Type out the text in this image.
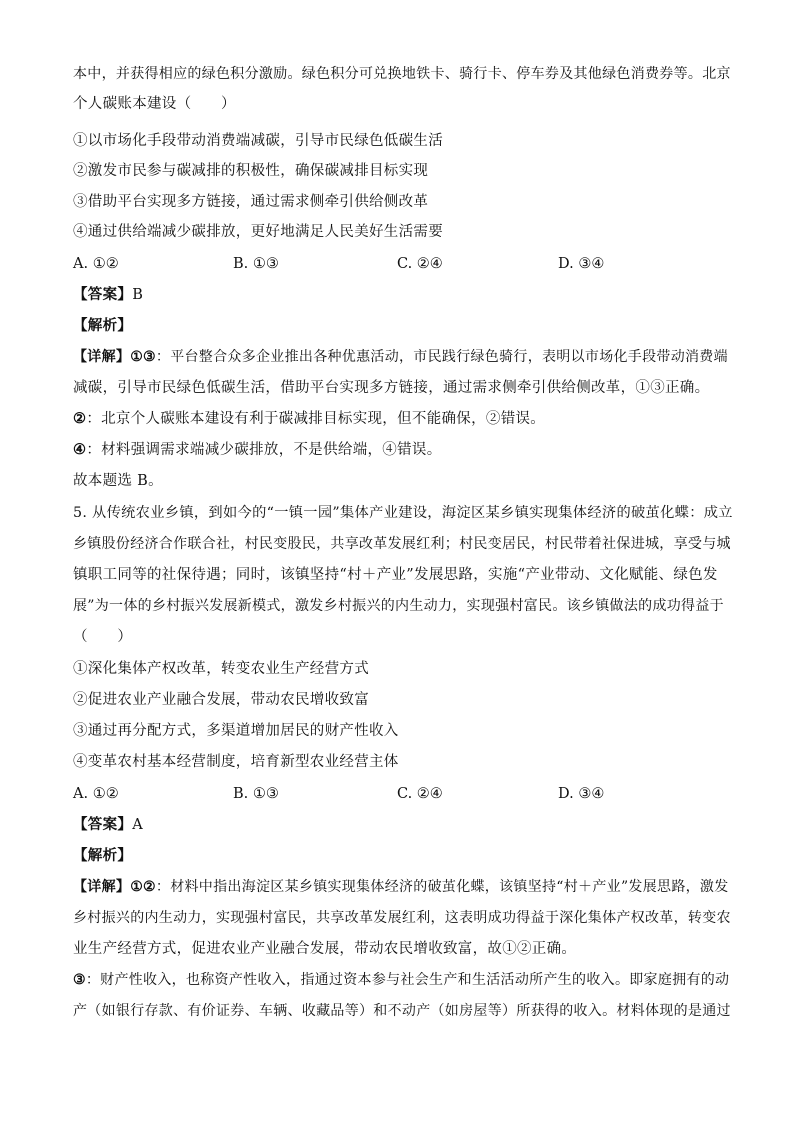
本中，并获得相应的绿色积分激励。绿色积分可兑换地铁卡、骑行卡、停车券及其他绿色消费券等。北京
个人碳账本建设（　　）
①以市场化手段带动消费端减碳，引导市民绿色低碳生活
②激发市民参与碳减排的积极性，确保碳减排目标实现
③借助平台实现多方链接，通过需求侧牵引供给侧改革
④通过供给端减少碳排放，更好地满足人民美好生活需要
A. ①②	B. ①③	C. ②④	D. ③④
【答案】B
【解析】
【详解】①③：平台整合众多企业推出各种优惠活动，市民践行绿色骑行，表明以市场化手段带动消费端
减碳，引导市民绿色低碳生活，借助平台实现多方链接，通过需求侧牵引供给侧改革，①③正确。
②：北京个人碳账本建设有利于碳减排目标实现，但不能确保，②错误。
④：材料强调需求端减少碳排放，不是供给端，④错误。
故本题选 B。
5. 从传统农业乡镇，到如今的“一镇一园”集体产业建设，海淀区某乡镇实现集体经济的破茧化蝶：成立
乡镇股份经济合作联合社，村民变股民，共享改革发展红利；村民变居民，村民带着社保进城，享受与城
镇职工同等的社保待遇；同时，该镇坚持“村＋产业”发展思路，实施“产业带动、文化赋能、绿色发
展”为一体的乡村振兴发展新模式，激发乡村振兴的内生动力，实现强村富民。该乡镇做法的成功得益于
（　　）
①深化集体产权改革，转变农业生产经营方式
②促进农业产业融合发展，带动农民增收致富
③通过再分配方式，多渠道增加居民的财产性收入
④变革农村基本经营制度，培育新型农业经营主体
A. ①②	B. ①③	C. ②④	D. ③④
【答案】A
【解析】
【详解】①②：材料中指出海淀区某乡镇实现集体经济的破茧化蝶，该镇坚持“村＋产业”发展思路，激发
乡村振兴的内生动力，实现强村富民，共享改革发展红利，这表明成功得益于深化集体产权改革，转变农
业生产经营方式，促进农业产业融合发展，带动农民增收致富，故①②正确。
③：财产性收入，也称资产性收入，指通过资本参与社会生产和生活活动所产生的收入。即家庭拥有的动
产（如银行存款、有价证券、车辆、收藏品等）和不动产（如房屋等）所获得的收入。材料体现的是通过
